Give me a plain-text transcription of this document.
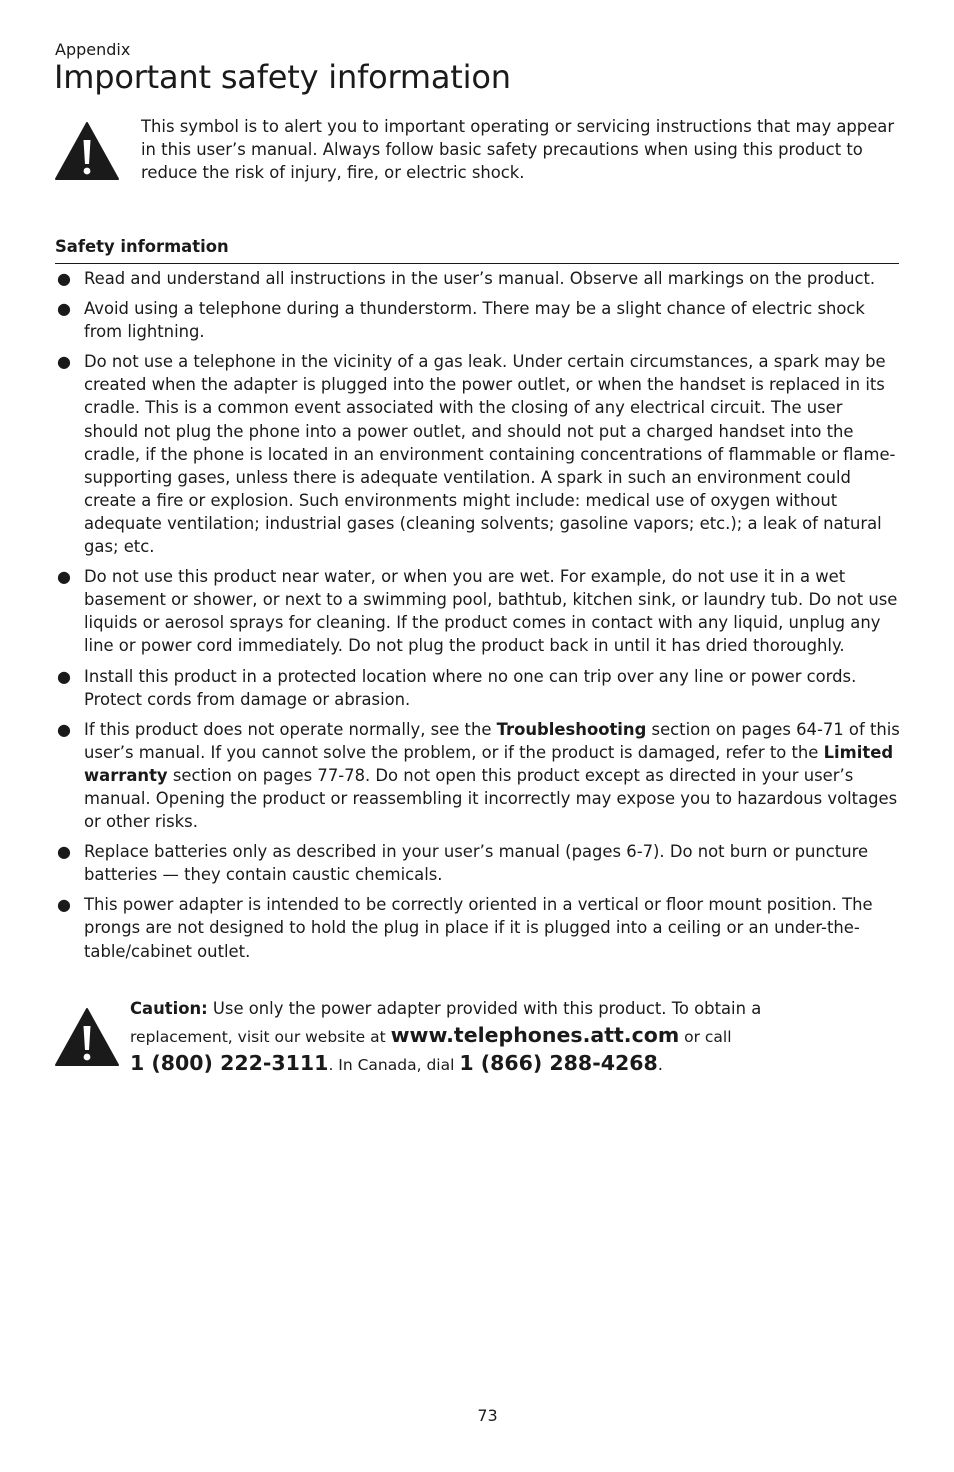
Appendix
Important safety information

This symbol is to alert you to important operating or servicing instructions that may appear in this user’s manual. Always follow basic safety precautions when using this product to reduce the risk of injury, fire, or electric shock.

Safety information
● Read and understand all instructions in the user’s manual. Observe all markings on the product.
● Avoid using a telephone during a thunderstorm. There may be a slight chance of electric shock from lightning.
● Do not use a telephone in the vicinity of a gas leak. Under certain circumstances, a spark may be created when the adapter is plugged into the power outlet, or when the handset is replaced in its cradle. This is a common event associated with the closing of any electrical circuit. The user should not plug the phone into a power outlet, and should not put a charged handset into the cradle, if the phone is located in an environment containing concentrations of flammable or flame-supporting gases, unless there is adequate ventilation. A spark in such an environment could create a fire or explosion. Such environments might include: medical use of oxygen without adequate ventilation; industrial gases (cleaning solvents; gasoline vapors; etc.); a leak of natural gas; etc.
● Do not use this product near water, or when you are wet. For example, do not use it in a wet basement or shower, or next to a swimming pool, bathtub, kitchen sink, or laundry tub. Do not use liquids or aerosol sprays for cleaning. If the product comes in contact with any liquid, unplug any line or power cord immediately. Do not plug the product back in until it has dried thoroughly.
● Install this product in a protected location where no one can trip over any line or power cords. Protect cords from damage or abrasion.
● If this product does not operate normally, see the Troubleshooting section on pages 64-71 of this user’s manual. If you cannot solve the problem, or if the product is damaged, refer to the Limited warranty section on pages 77-78. Do not open this product except as directed in your user’s manual. Opening the product or reassembling it incorrectly may expose you to hazardous voltages or other risks.
● Replace batteries only as described in your user’s manual (pages 6-7). Do not burn or puncture batteries — they contain caustic chemicals.
● This power adapter is intended to be correctly oriented in a vertical or floor mount position. The prongs are not designed to hold the plug in place if it is plugged into a ceiling or an under-the-table/cabinet outlet.

Caution: Use only the power adapter provided with this product. To obtain a
replacement, visit our website at www.telephones.att.com or call
1 (800) 222-3111. In Canada, dial 1 (866) 288-4268.

73
